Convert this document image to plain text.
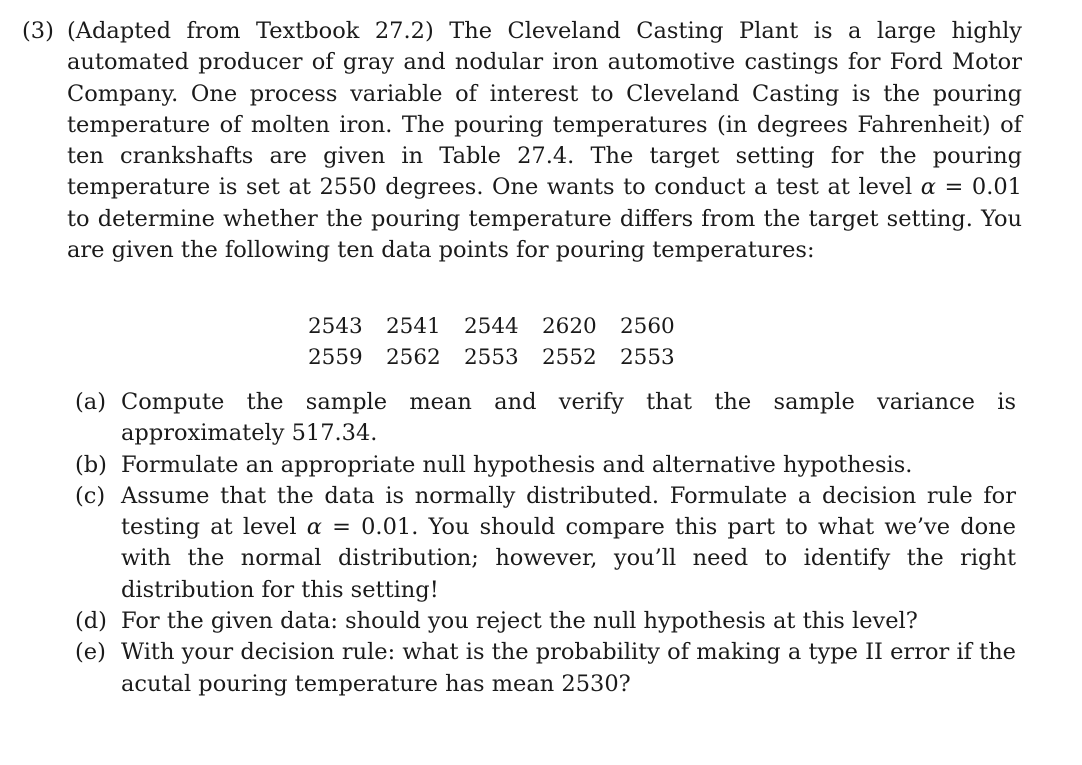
(3) (Adapted from Textbook 27.2) The Cleveland Casting Plant is a large highly automated producer of gray and nodular iron automotive castings for Ford Motor Company. One process variable of interest to Cleveland Casting is the pouring temperature of molten iron. The pouring temperatures (in degrees Fahrenheit) of ten crankshafts are given in Table 27.4. The target setting for the pouring temperature is set at 2550 degrees. One wants to conduct a test at level α = 0.01 to determine whether the pouring temperature differs from the target setting. You are given the following ten data points for pouring temperatures:

2543	2541	2544	2620	2560
2559	2562	2553	2552	2553
(a) Compute the sample mean and verify that the sample variance is approximately 517.34.
(b) Formulate an appropriate null hypothesis and alternative hypothesis.
(c) Assume that the data is normally distributed. Formulate a decision rule for testing at level α = 0.01. You should compare this part to what we’ve done with the normal distribution; however, you’ll need to identify the right distribution for this setting!
(d) For the given data: should you reject the null hypothesis at this level?
(e) With your decision rule: what is the probability of making a type II error if the acutal pouring temperature has mean 2530?
